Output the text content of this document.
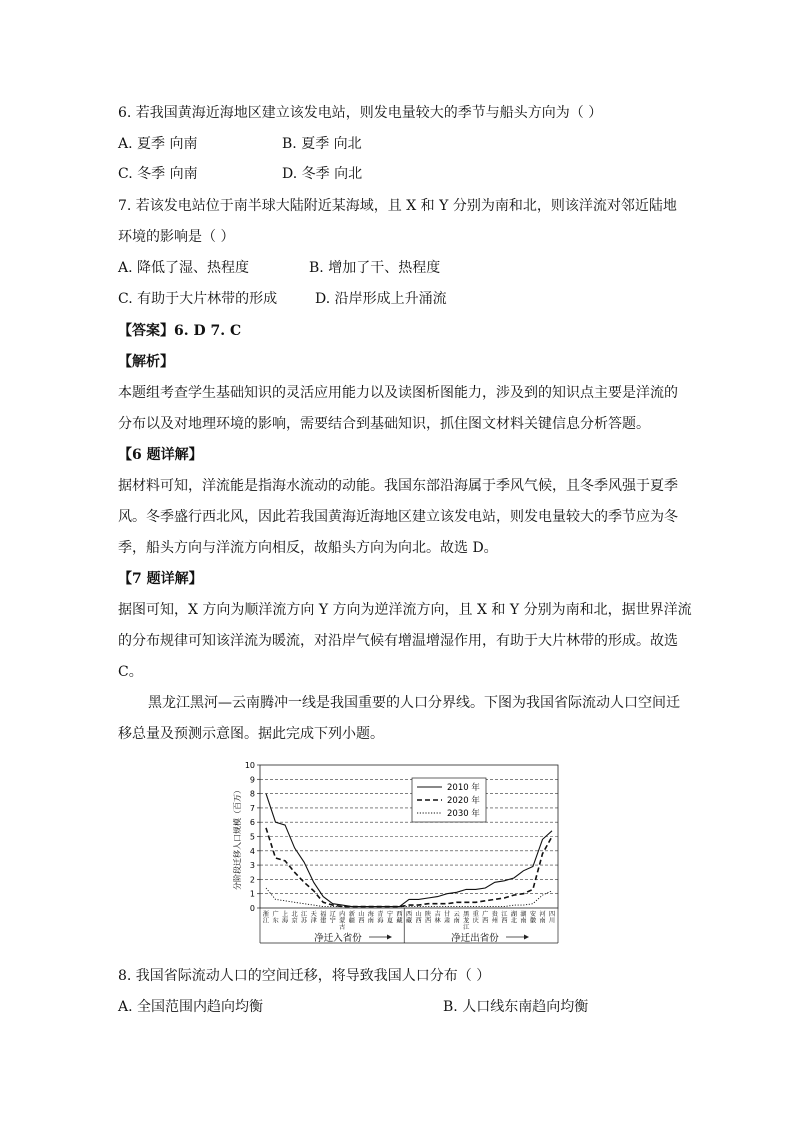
6. 若我国黄海近海地区建立该发电站，则发电量较大的季节与船头方向为（ ）
A. 夏季 向南	B. 夏季 向北
C. 冬季 向南	D. 冬季 向北
7. 若该发电站位于南半球大陆附近某海域，且 X 和 Y 分别为南和北，则该洋流对邻近陆地
环境的影响是（ ）
A. 降低了湿、热程度	B. 增加了干、热程度
C. 有助于大片林带的形成	D. 沿岸形成上升涌流
【答案】6. D 7. C
【解析】
本题组考查学生基础知识的灵活应用能力以及读图析图能力，涉及到的知识点主要是洋流的
分布以及对地理环境的影响，需要结合到基础知识，抓住图文材料关键信息分析答题。
【6 题详解】
据材料可知，洋流能是指海水流动的动能。我国东部沿海属于季风气候，且冬季风强于夏季
风。冬季盛行西北风，因此若我国黄海近海地区建立该发电站，则发电量较大的季节应为冬
季，船头方向与洋流方向相反，故船头方向为向北。故选 D。
【7 题详解】
据图可知，X 方向为顺洋流方向 Y 方向为逆洋流方向，且 X 和 Y 分别为南和北，据世界洋流
的分布规律可知该洋流为暖流，对沿岸气候有增温增湿作用，有助于大片林带的形成。故选
C。
黑龙江黑河—云南腾冲一线是我国重要的人口分界线。下图为我国省际流动人口空间迁
移总量及预测示意图。据此完成下列小题。
分阶段迁移人口规模（百万）
0
1
2
3
4
5
6
7
8
9
10
2010 年
2020 年
2030 年
浙江
广东
上海
北京
江苏
天津
福建
辽宁
内蒙古
新疆
山西
海南
青海
宁夏
西藏
西藏
山西
陕西
吉林
甘肃
云南
黑龙江
重庆
广西
贵州
江西
湖北
湖南
安徽
河南
四川
净迁入省份	净迁出省份
8. 我国省际流动人口的空间迁移，将导致我国人口分布（ ）
A. 全国范围内趋向均衡	B. 人口线东南趋向均衡
